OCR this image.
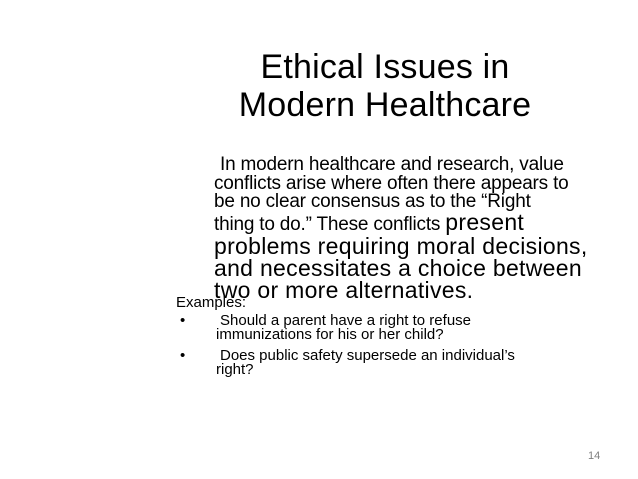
Ethical Issues in
Modern Healthcare
In modern healthcare and research, value
conflicts arise where often there appears to
be no clear consensus as to the “Right
thing to do.” These conflicts present
problems requiring moral decisions,
and necessitates a choice between
two or more alternatives.
Examples:
• Should a parent have a right to refuse
immunizations for his or her child?
• Does public safety supersede an individual’s
right?
14
